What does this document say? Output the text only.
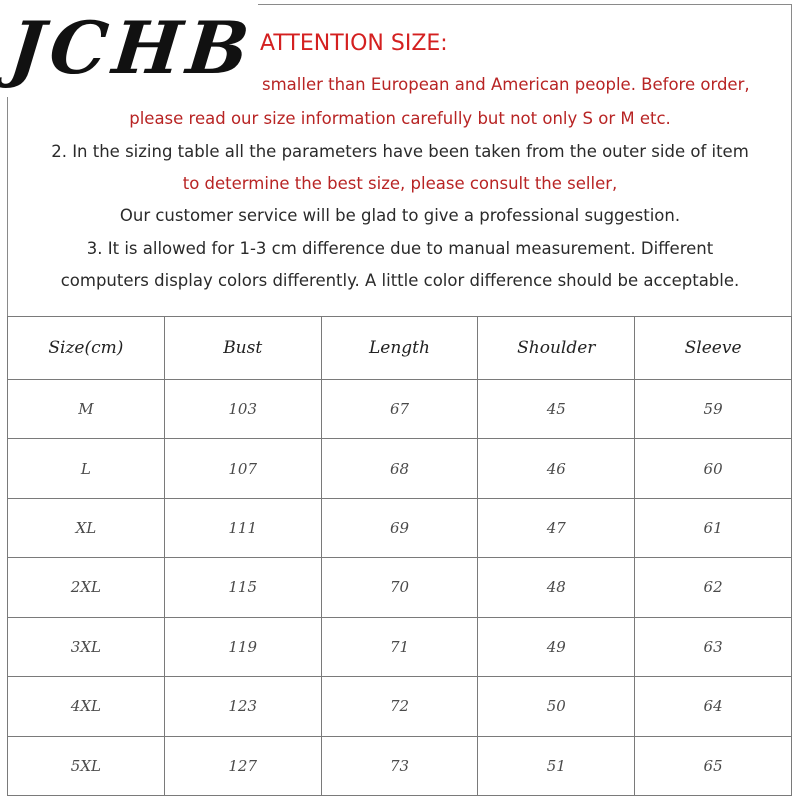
JCHB ATTENTION SIZE:
smaller than European and American people. Before order,
please read our size information carefully but not only S or M etc.
2. In the sizing table all the parameters have been taken from the outer side of item
to determine the best size, please consult the seller,
Our customer service will be glad to give a professional suggestion.
3. It is allowed for 1-3 cm difference due to manual measurement. Different
computers display colors differently. A little color difference should be acceptable.
Size(cm)	Bust	Length	Shoulder	Sleeve
M	103	67	45	59
L	107	68	46	60
XL	111	69	47	61
2XL	115	70	48	62
3XL	119	71	49	63
4XL	123	72	50	64
5XL	127	73	51	65
